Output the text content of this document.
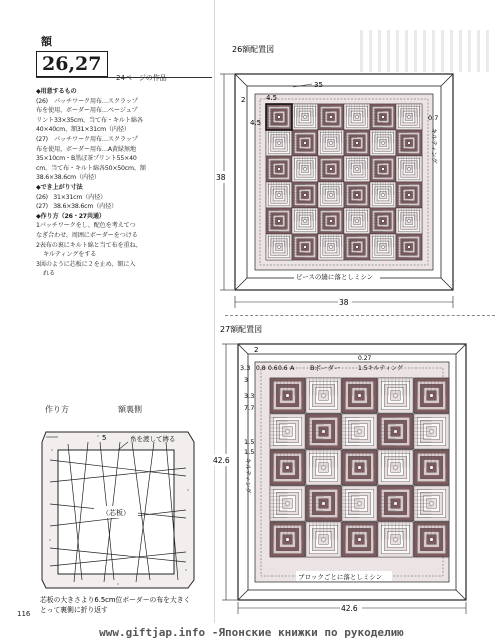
額
26,27
24ページの作品
◆用意するもの
(26) パッチワーク用布…スクラップ
布を使用、ボーダー用布…ベージュプ
リント33×35cm、当て布・キルト綿各
40×40cm、額31×31cm（内径）
(27) パッチワーク用布…スクラップ
布を使用、ボーダー用布…A黄緑無地
35×10cm・B黒ぼ茶プリント55×40
cm、当て布・キルト綿各50×50cm、額
38.6×38.6cm（内径）
◆でき上がり寸法
(26) 31×31cm（内径）
(27) 38.6×38.6cm（内径）
◆作り方（26・27共通）
1パッチワークをし、配色を考えてつ
なぎ合わせ、周囲にボーダーをつける
2表布の裏にキルト綿と当て布を重ね、
キルティングをする
3図のように芯板に２を止め、額に入
れる
作り方	額裏側
（芯板）
5	糸を渡して縛る
芯板の大きさより6.5cm位ボーダーの布を大きく
とって裏側に折り返す
116
26額配置図
2	4.5
4.5
35
0.7
キルティング
38
38
ピースの縫に落としミシン
27額配置図
2
0.27
3.3 0.8 0.6 0.6 A Bボーダー	1.5キルティング
3
3.3
7.7
1.5
1.5
キルティング
42.6
42.6
ブロックごとに落としミシン
www.giftjap.info -Японские книжки по рукоделию
